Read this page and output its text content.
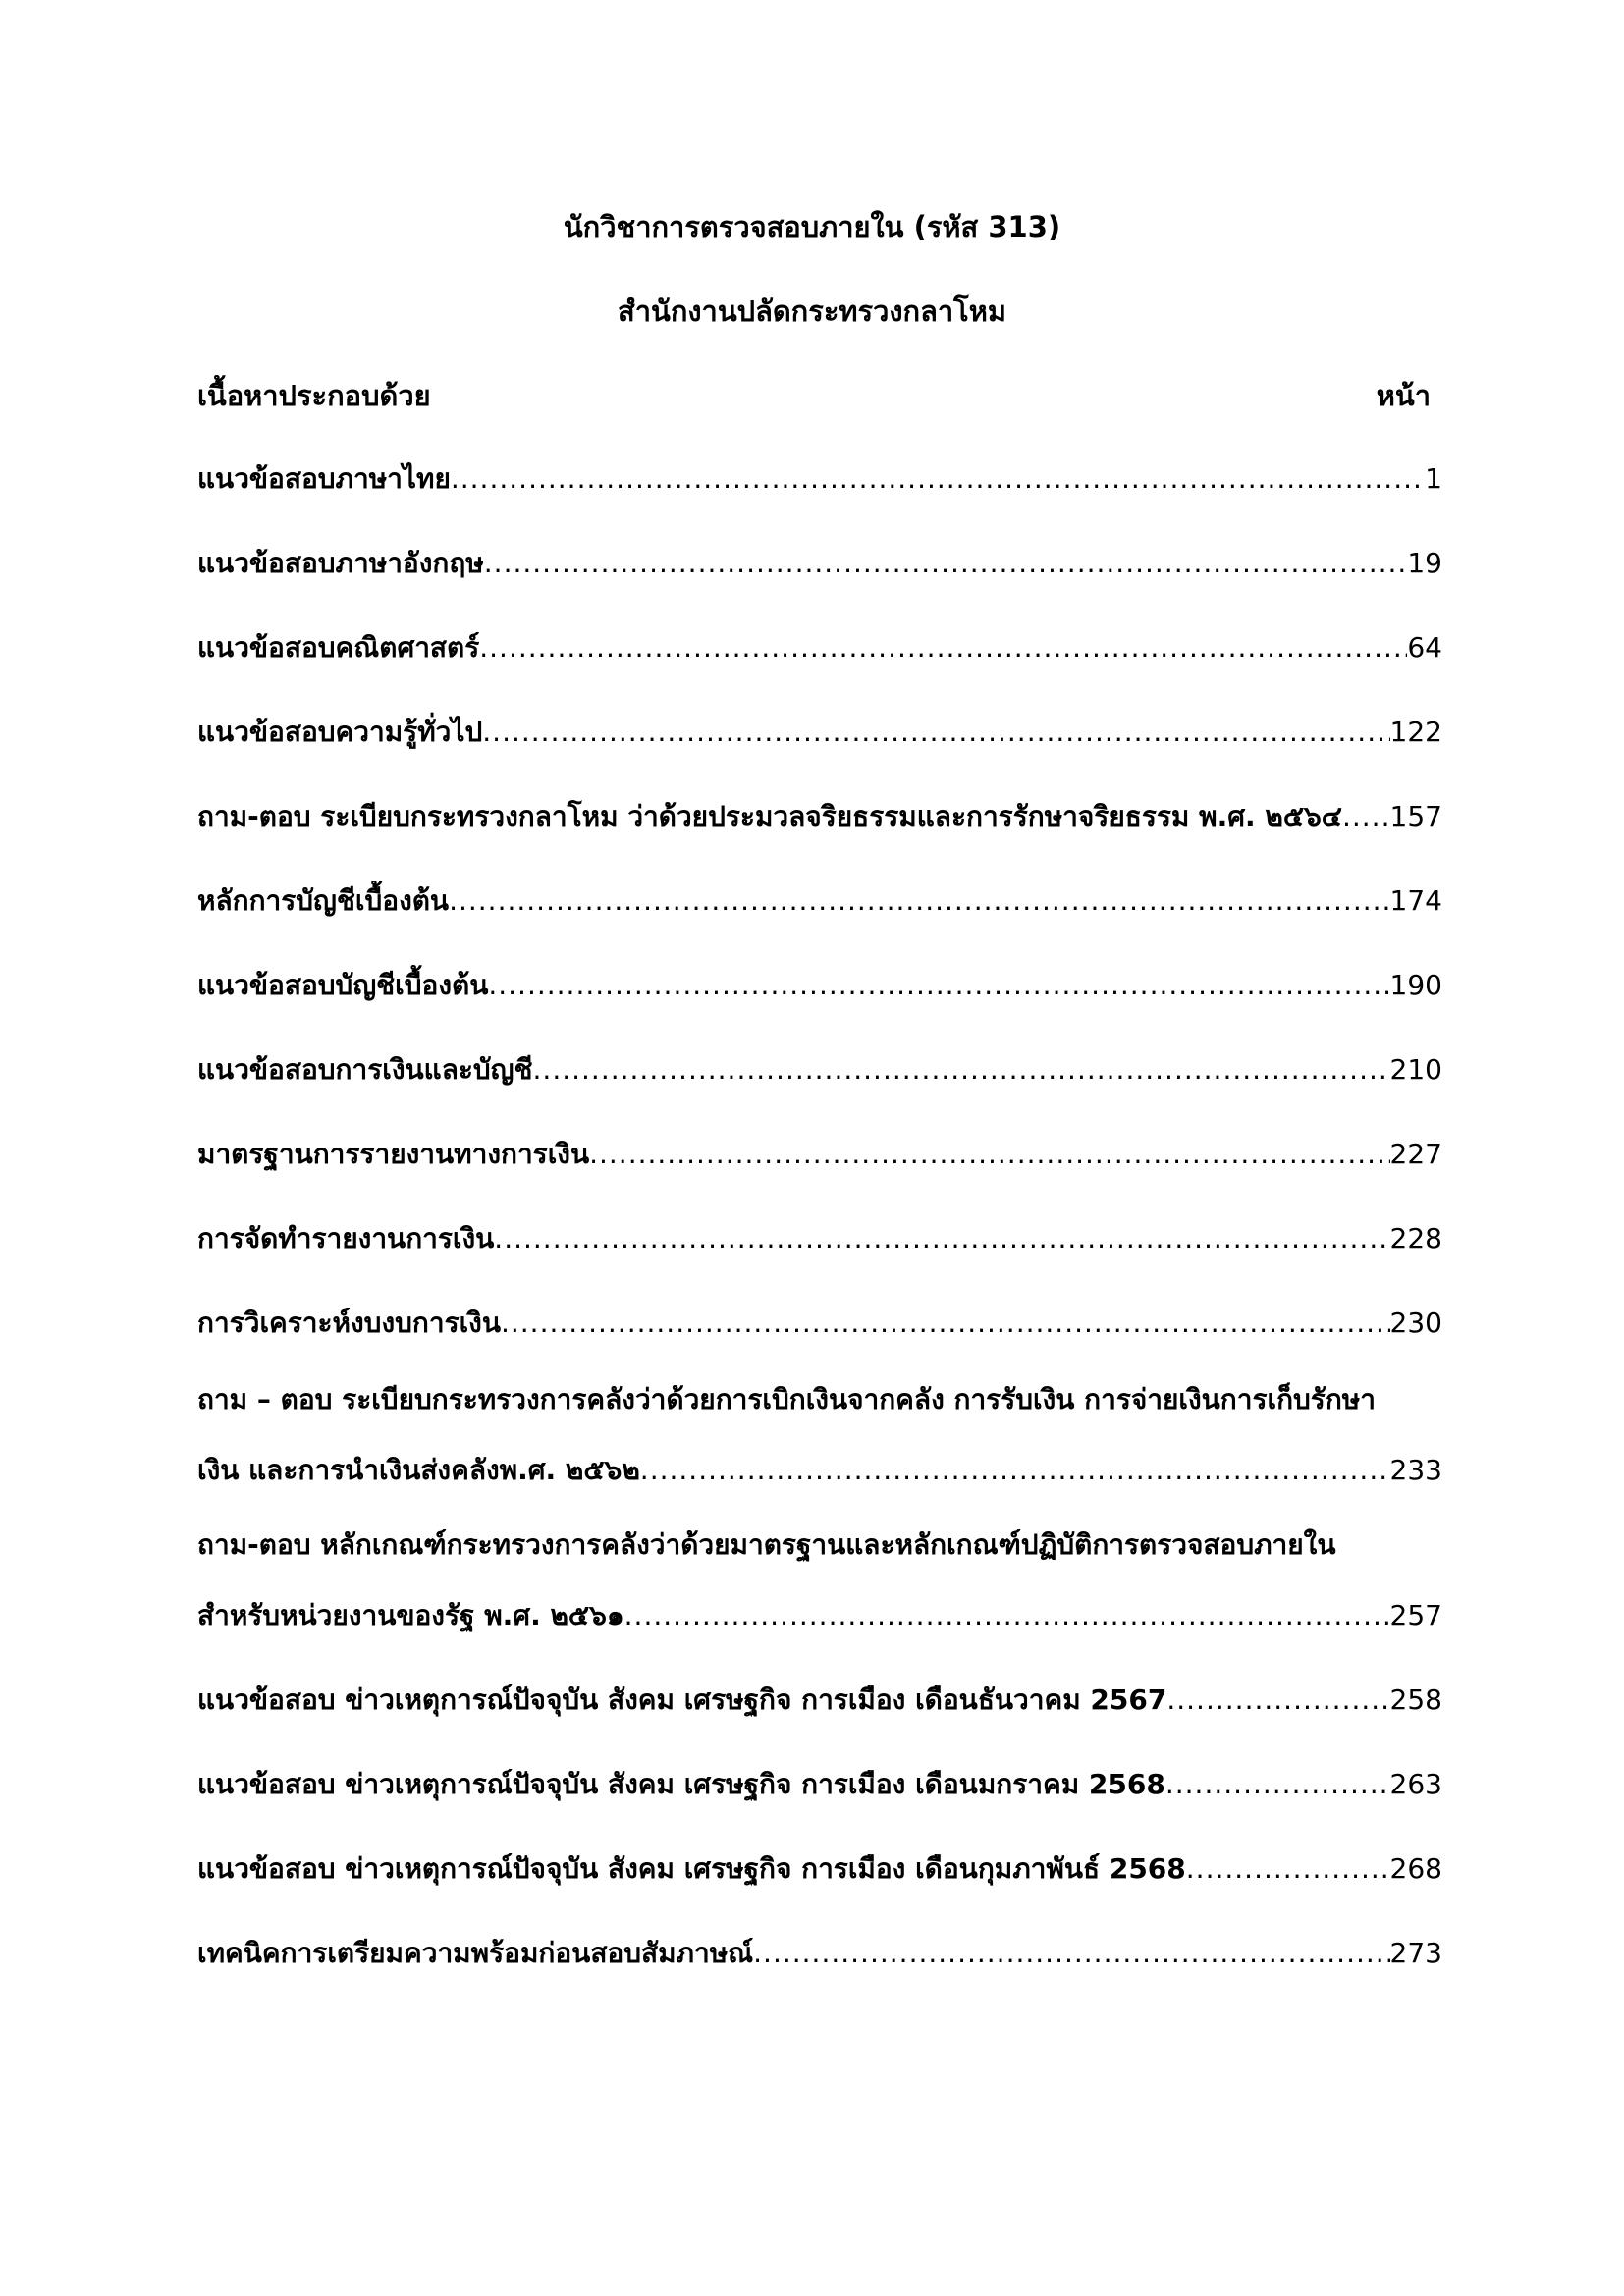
นักวิชาการตรวจสอบภายใน (รหัส 313)
สำนักงานปลัดกระทรวงกลาโหม
เนื้อหาประกอบด้วย	หน้า
แนวข้อสอบภาษาไทย .....	1
แนวข้อสอบภาษาอังกฤษ .....	19
แนวข้อสอบคณิตศาสตร์ .....	64
แนวข้อสอบความรู้ทั่วไป .....	122
ถาม-ตอบ ระเบียบกระทรวงกลาโหม ว่าด้วยประมวลจริยธรรมและการรักษาจริยธรรม พ.ศ. ๒๕๖๔ ..... 157
หลักการบัญชีเบื้องต้น .....	174
แนวข้อสอบบัญชีเบื้องต้น .....	190
แนวข้อสอบการเงินและบัญชี .....	210
มาตรฐานการรายงานทางการเงิน .....	227
การจัดทำรายงานการเงิน .....	228
การวิเคราะห์งบงบการเงิน .....	230
ถาม – ตอบ ระเบียบกระทรวงการคลังว่าด้วยการเบิกเงินจากคลัง การรับเงิน การจ่ายเงินการเก็บรักษา
เงิน และการนำเงินส่งคลังพ.ศ. ๒๕๖๒ .....	233
ถาม-ตอบ หลักเกณฑ์กระทรวงการคลังว่าด้วยมาตรฐานและหลักเกณฑ์ปฏิบัติการตรวจสอบภายใน
สำหรับหน่วยงานของรัฐ พ.ศ. ๒๕๖๑ .....	257
แนวข้อสอบ ข่าวเหตุการณ์ปัจจุบัน สังคม เศรษฐกิจ การเมือง เดือนธันวาคม 2567 .....	258
แนวข้อสอบ ข่าวเหตุการณ์ปัจจุบัน สังคม เศรษฐกิจ การเมือง เดือนมกราคม 2568 .....	263
แนวข้อสอบ ข่าวเหตุการณ์ปัจจุบัน สังคม เศรษฐกิจ การเมือง เดือนกุมภาพันธ์ 2568 .....	268
เทคนิคการเตรียมความพร้อมก่อนสอบสัมภาษณ์ .....	273
